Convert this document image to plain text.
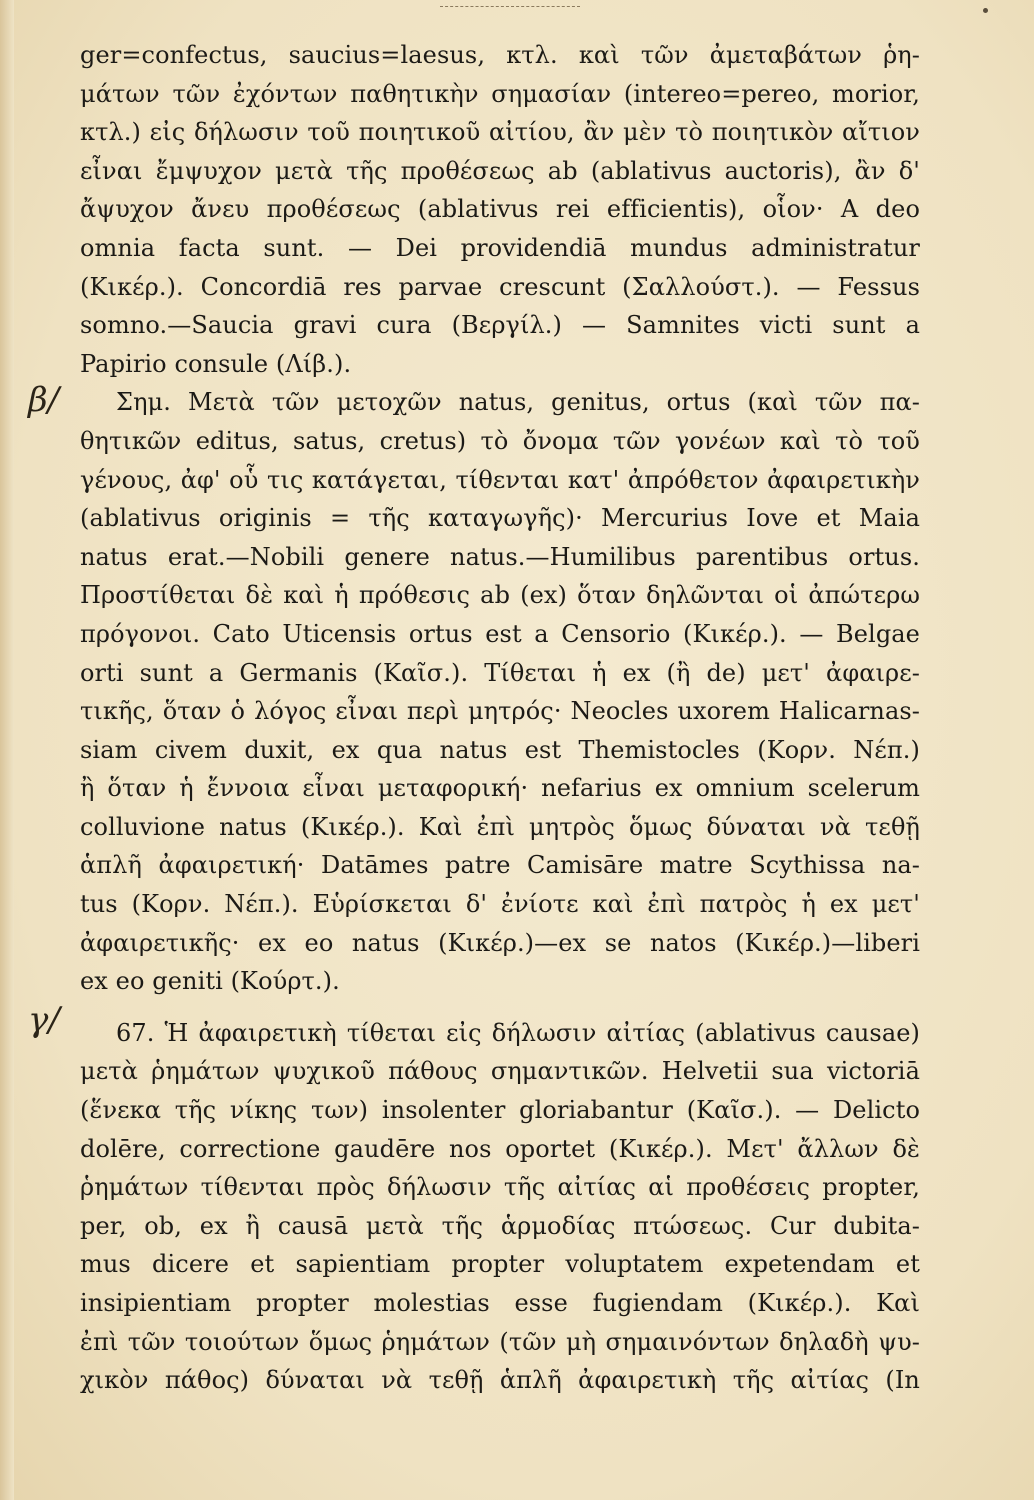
β/
γ/
ger=confectus, saucius=laesus, κτλ. καὶ τῶν ἀμεταβάτων ῥη-
μάτων τῶν ἐχόντων παθητικὴν σημασίαν (intereo=pereo, morior,
κτλ.) εἰς δήλωσιν τοῦ ποιητικοῦ αἰτίου, ἂν μὲν τὸ ποιητικὸν αἴτιον
εἶναι ἔμψυχον μετὰ τῆς προθέσεως ab (ablativus auctoris), ἂν δ'
ἄψυχον ἄνευ προθέσεως (ablativus rei efficientis), οἷον· A deo
omnia facta sunt. — Dei providendiā mundus administratur
(Κικέρ.). Concordiā res parvae crescunt (Σαλλούστ.). — Fessus
somno.—Saucia gravi cura (Βεργίλ.) — Samnites victi sunt a
Papirio consule (Λίβ.).
Σημ. Μετὰ τῶν μετοχῶν natus, genitus, ortus (καὶ τῶν πα-
θητικῶν editus, satus, cretus) τὸ ὄνομα τῶν γονέων καὶ τὸ τοῦ
γένους, ἀφ' οὗ τις κατάγεται, τίθενται κατ' ἀπρόθετον ἀφαιρετικὴν
(ablativus originis = τῆς καταγωγῆς)· Mercurius Iove et Maia
natus erat.—Nobili genere natus.—Humilibus parentibus ortus.
Προστίθεται δὲ καὶ ἡ πρόθεσις ab (ex) ὅταν δηλῶνται οἱ ἀπώτερω
πρόγονοι. Cato Uticensis ortus est a Censorio (Κικέρ.). — Belgae
orti sunt a Germanis (Καῖσ.). Τίθεται ἡ ex (ἢ de) μετ' ἀφαιρε-
τικῆς, ὅταν ὁ λόγος εἶναι περὶ μητρός· Neocles uxorem Halicarnas-
siam civem duxit, ex qua natus est Themistocles (Κορν. Νέπ.)
ἢ ὅταν ἡ ἔννοια εἶναι μεταφορική· nefarius ex omnium scelerum
colluvione natus (Κικέρ.). Καὶ ἐπὶ μητρὸς ὅμως δύναται νὰ τεθῇ
ἁπλῆ ἀφαιρετική· Datāmes patre Camisāre matre Scythissa na-
tus (Κορν. Νέπ.). Εὑρίσκεται δ' ἐνίοτε καὶ ἐπὶ πατρὸς ἡ ex μετ'
ἀφαιρετικῆς· ex eo natus (Κικέρ.)—ex se natos (Κικέρ.)—liberi
ex eo geniti (Κούρτ.).
67. Ἡ ἀφαιρετικὴ τίθεται εἰς δήλωσιν αἰτίας (ablativus causae)
μετὰ ῥημάτων ψυχικοῦ πάθους σημαντικῶν. Helvetii sua victoriā
(ἕνεκα τῆς νίκης των) insolenter gloriabantur (Καῖσ.). — Delicto
dolēre, correctione gaudēre nos oportet (Κικέρ.). Μετ' ἄλλων δὲ
ῥημάτων τίθενται πρὸς δήλωσιν τῆς αἰτίας αἱ προθέσεις propter,
per, ob, ex ἢ causā μετὰ τῆς ἁρμοδίας πτώσεως. Cur dubita-
mus dicere et sapientiam propter voluptatem expetendam et
insipientiam propter molestias esse fugiendam (Κικέρ.). Καὶ
ἐπὶ τῶν τοιούτων ὅμως ῥημάτων (τῶν μὴ σημαινόντων δηλαδὴ ψυ-
χικὸν πάθος) δύναται νὰ τεθῇ ἁπλῆ ἀφαιρετικὴ τῆς αἰτίας (In
